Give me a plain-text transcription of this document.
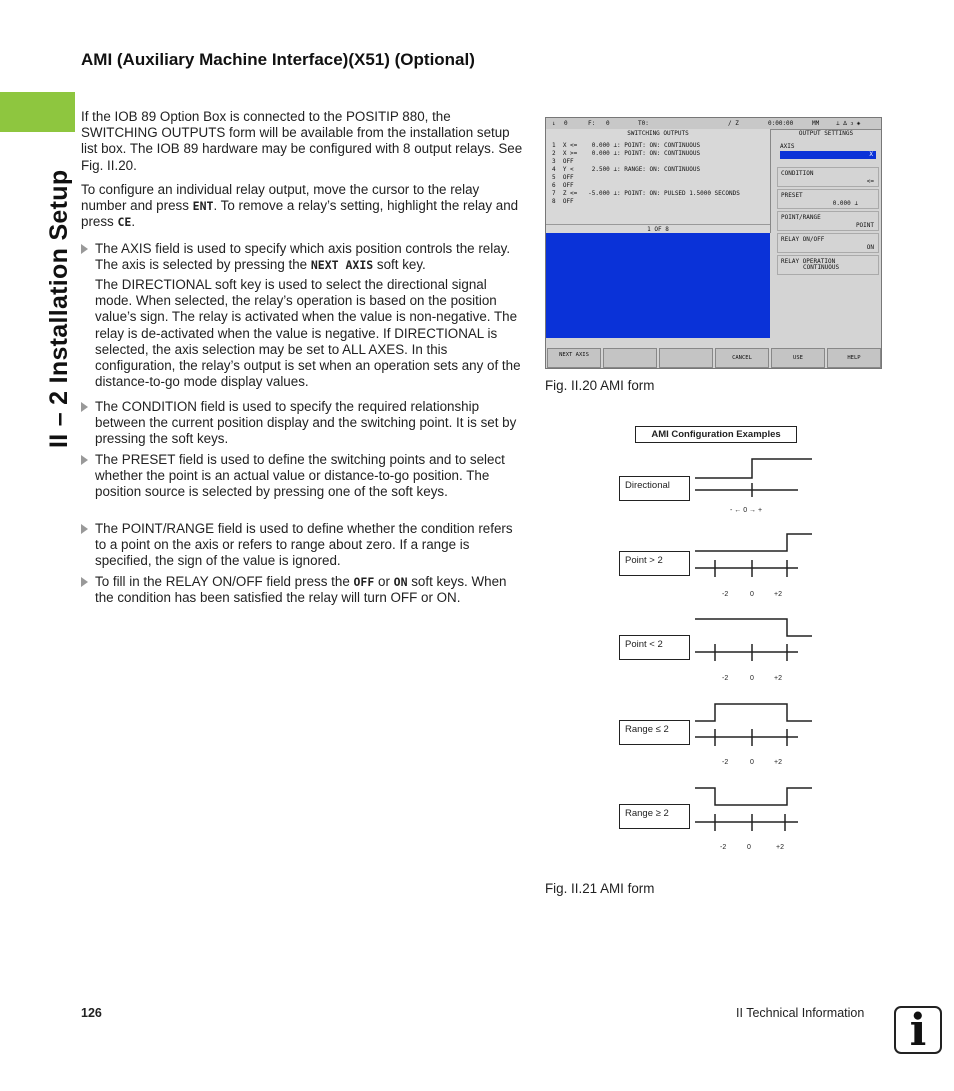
II – 2 Installation Setup
AMI (Auxiliary Machine Interface)(X51) (Optional)

If the IOB 89 Option Box is connected to the POSITIP 880, the SWITCHING OUTPUTS form will be available from the installation setup list box. The IOB 89 hardware may be configured with 8 output relays. See Fig. II.20.

To configure an individual relay output, move the cursor to the relay number and press ENT. To remove a relay’s setting, highlight the relay and press CE.

The AXIS field is used to specify which axis position controls the relay. The axis is selected by pressing the NEXT AXIS soft key.
The DIRECTIONAL soft key is used to select the directional signal mode. When selected, the relay’s operation is based on the position value’s sign. The relay is activated when the value is non-negative. The relay is de-activated when the value is negative. If DIRECTIONAL is selected, the axis selection may be set to ALL AXES. In this configuration, the relay’s output is set when an operation sets any of the distance-to-go mode display values.
The CONDITION field is used to specify the required relationship between the current position display and the switching point. It is set by pressing the soft keys.
The PRESET field is used to define the switching points and to select whether the point is an actual value or distance-to-go position. The position source is selected by pressing one of the soft keys.
The POINT/RANGE field is used to define whether the condition refers to a point on the axis or refers to range about zero. If a range is specified, the sign of the value is ignored.
To fill in the RELAY ON/OFF field press the OFF or ON soft keys. When the condition has been satisfied the relay will turn OFF or ON.
↓ 0	F: 0	T0:	/ Z	0:00:00	MM	⊥ ∆ ↄ ◈
SWITCHING OUTPUTS
1  X <=    0.000 ⊥: POINT: ON: CONTINUOUS
2  X >=    0.000 ⊥: POINT: ON: CONTINUOUS
3  OFF
4  Y <     2.500 ⊥: RANGE: ON: CONTINUOUS
5  OFF
6  OFF
7  Z <=   -5.000 ⊥: POINT: ON: PULSED 1.5000 SECONDS
8  OFF
1 OF 8
OUTPUT SETTINGS
AXIS
X
CONDITION
<=
PRESET
0.000 ⊥
POINT/RANGE
POINT
RELAY ON/OFF
ON
RELAY OPERATION
CONTINUOUS
NEXT AXIS	CANCEL	USE	HELP
Fig. II.20 AMI form
AMI Configuration Examples
Directional
Point > 2
Point < 2
Range ≤ 2
Range ≥ 2
- ← 0 → +
-2	0	+2
-2	0	+2
-2	0	+2
-2	0	+2
Fig. II.21 AMI form
126	II Technical Information	i
